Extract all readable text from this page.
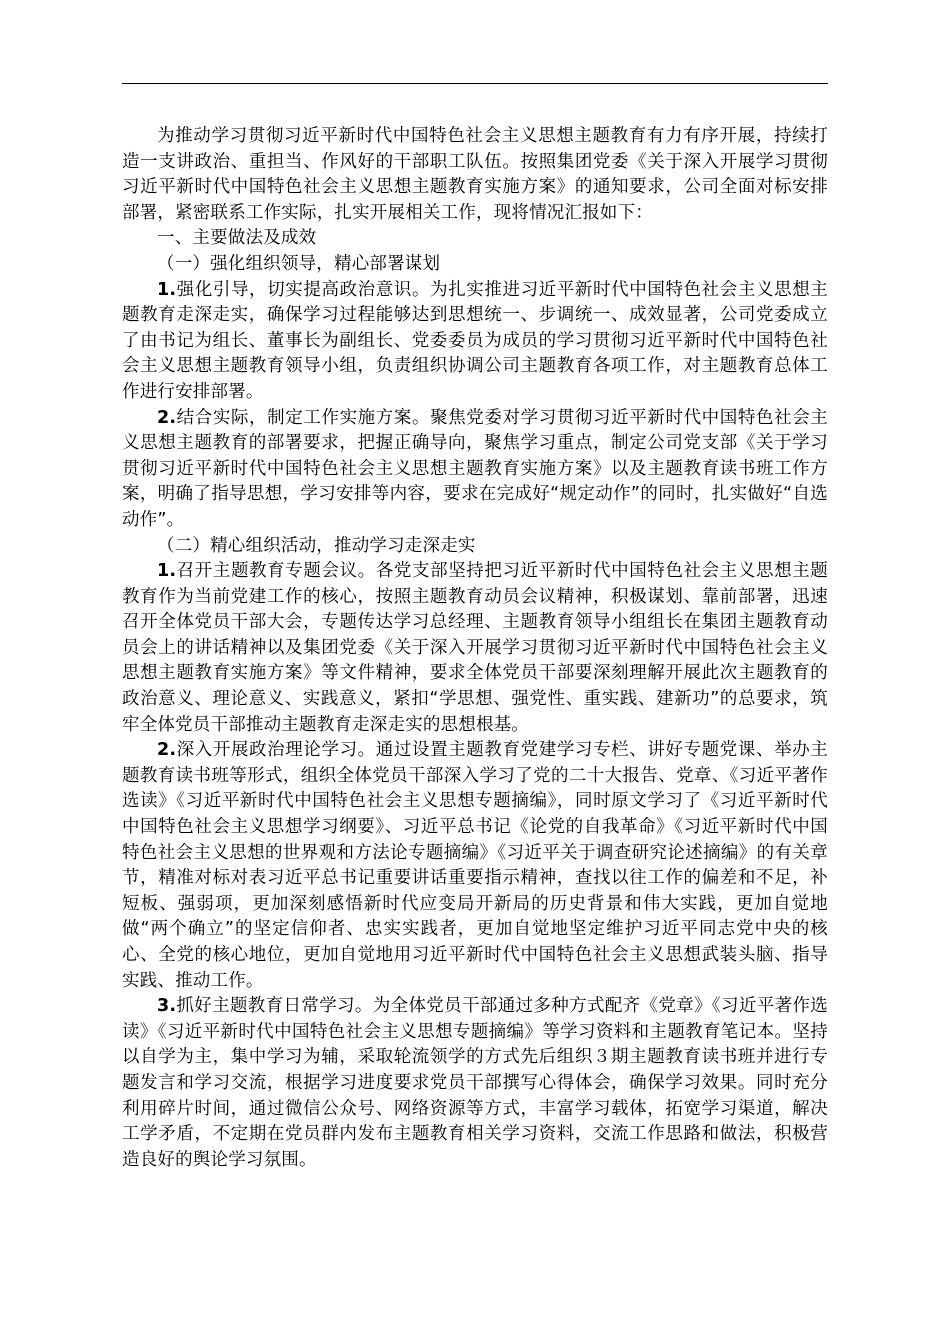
为推动学习贯彻习近平新时代中国特色社会主义思想主题教育有力有序开展，持续打造一支讲政治、重担当、作风好的干部职工队伍。按照集团党委《关于深入开展学习贯彻习近平新时代中国特色社会主义思想主题教育实施方案》的通知要求，公司全面对标安排部署，紧密联系工作实际，扎实开展相关工作，现将情况汇报如下：

一、主要做法及成效

（一）强化组织领导，精心部署谋划

1.强化引导，切实提高政治意识。为扎实推进习近平新时代中国特色社会主义思想主题教育走深走实，确保学习过程能够达到思想统一、步调统一、成效显著，公司党委成立了由书记为组长、董事长为副组长、党委委员为成员的学习贯彻习近平新时代中国特色社会主义思想主题教育领导小组，负责组织协调公司主题教育各项工作，对主题教育总体工作进行安排部署。

2.结合实际，制定工作实施方案。聚焦党委对学习贯彻习近平新时代中国特色社会主义思想主题教育的部署要求，把握正确导向，聚焦学习重点，制定公司党支部《关于学习贯彻习近平新时代中国特色社会主义思想主题教育实施方案》以及主题教育读书班工作方案，明确了指导思想，学习安排等内容，要求在完成好“规定动作”的同时，扎实做好“自选动作”。

（二）精心组织活动，推动学习走深走实

1.召开主题教育专题会议。各党支部坚持把习近平新时代中国特色社会主义思想主题教育作为当前党建工作的核心，按照主题教育动员会议精神，积极谋划、靠前部署，迅速召开全体党员干部大会，专题传达学习总经理、主题教育领导小组组长在集团主题教育动员会上的讲话精神以及集团党委《关于深入开展学习贯彻习近平新时代中国特色社会主义思想主题教育实施方案》等文件精神，要求全体党员干部要深刻理解开展此次主题教育的政治意义、理论意义、实践意义，紧扣“学思想、强党性、重实践、建新功”的总要求，筑牢全体党员干部推动主题教育走深走实的思想根基。

2.深入开展政治理论学习。通过设置主题教育党建学习专栏、讲好专题党课、举办主题教育读书班等形式，组织全体党员干部深入学习了党的二十大报告、党章、《习近平著作选读》《习近平新时代中国特色社会主义思想专题摘编》，同时原文学习了《习近平新时代中国特色社会主义思想学习纲要》、习近平总书记《论党的自我革命》《习近平新时代中国特色社会主义思想的世界观和方法论专题摘编》《习近平关于调查研究论述摘编》的有关章节，精准对标对表习近平总书记重要讲话重要指示精神，查找以往工作的偏差和不足，补短板、强弱项，更加深刻感悟新时代应变局开新局的历史背景和伟大实践，更加自觉地做“两个确立”的坚定信仰者、忠实实践者，更加自觉地坚定维护习近平同志党中央的核心、全党的核心地位，更加自觉地用习近平新时代中国特色社会主义思想武装头脑、指导实践、推动工作。

3.抓好主题教育日常学习。为全体党员干部通过多种方式配齐《党章》《习近平著作选读》《习近平新时代中国特色社会主义思想专题摘编》等学习资料和主题教育笔记本。坚持以自学为主，集中学习为辅，采取轮流领学的方式先后组织３期主题教育读书班并进行专题发言和学习交流，根据学习进度要求党员干部撰写心得体会，确保学习效果。同时充分利用碎片时间，通过微信公众号、网络资源等方式，丰富学习载体，拓宽学习渠道，解决工学矛盾，不定期在党员群内发布主题教育相关学习资料，交流工作思路和做法，积极营造良好的舆论学习氛围。
